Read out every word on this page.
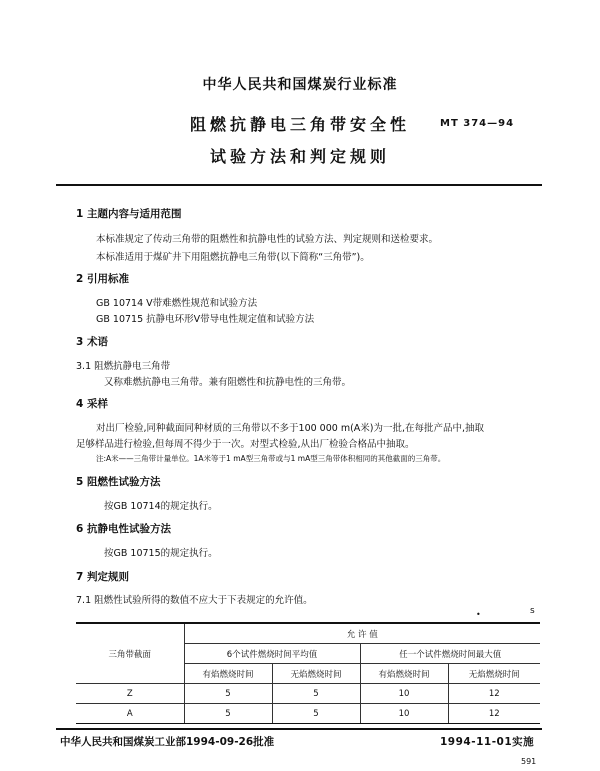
中华人民共和国煤炭行业标准
阻燃抗静电三角带安全性
试验方法和判定规则
MT 374—94
1 主题内容与适用范围
本标准规定了传动三角带的阻燃性和抗静电性的试验方法、判定规则和送检要求。
本标准适用于煤矿井下用阻燃抗静电三角带(以下简称“三角带”)。
2 引用标准
GB 10714 V带难燃性规范和试验方法
GB 10715 抗静电环形V带导电性规定值和试验方法
3 术语
3.1 阻燃抗静电三角带
又称难燃抗静电三角带。兼有阻燃性和抗静电性的三角带。
4 采样
对出厂检验,同种截面同种材质的三角带以不多于100 000 m(A米)为一批,在每批产品中,抽取
足够样品进行检验,但每周不得少于一次。对型式检验,从出厂检验合格品中抽取。
注:A米——三角带计量单位。1A米等于1 mA型三角带或与1 mA型三角带体积相同的其他截面的三角带。
5 阻燃性试验方法
按GB 10714的规定执行。
6 抗静电性试验方法
按GB 10715的规定执行。
7 判定规则
7.1 阻燃性试验所得的数值不应大于下表规定的允许值。
•	s
三角带截面	允 许 值			
	6个试件燃烧时间平均值		任一个试件燃烧时间最大值	
	有焰燃烧时间	无焰燃烧时间	有焰燃烧时间	无焰燃烧时间
Z	5	5	10	12
A	5	5	10	12
中华人民共和国煤炭工业部1994-09-26批准	1994-11-01实施
591
